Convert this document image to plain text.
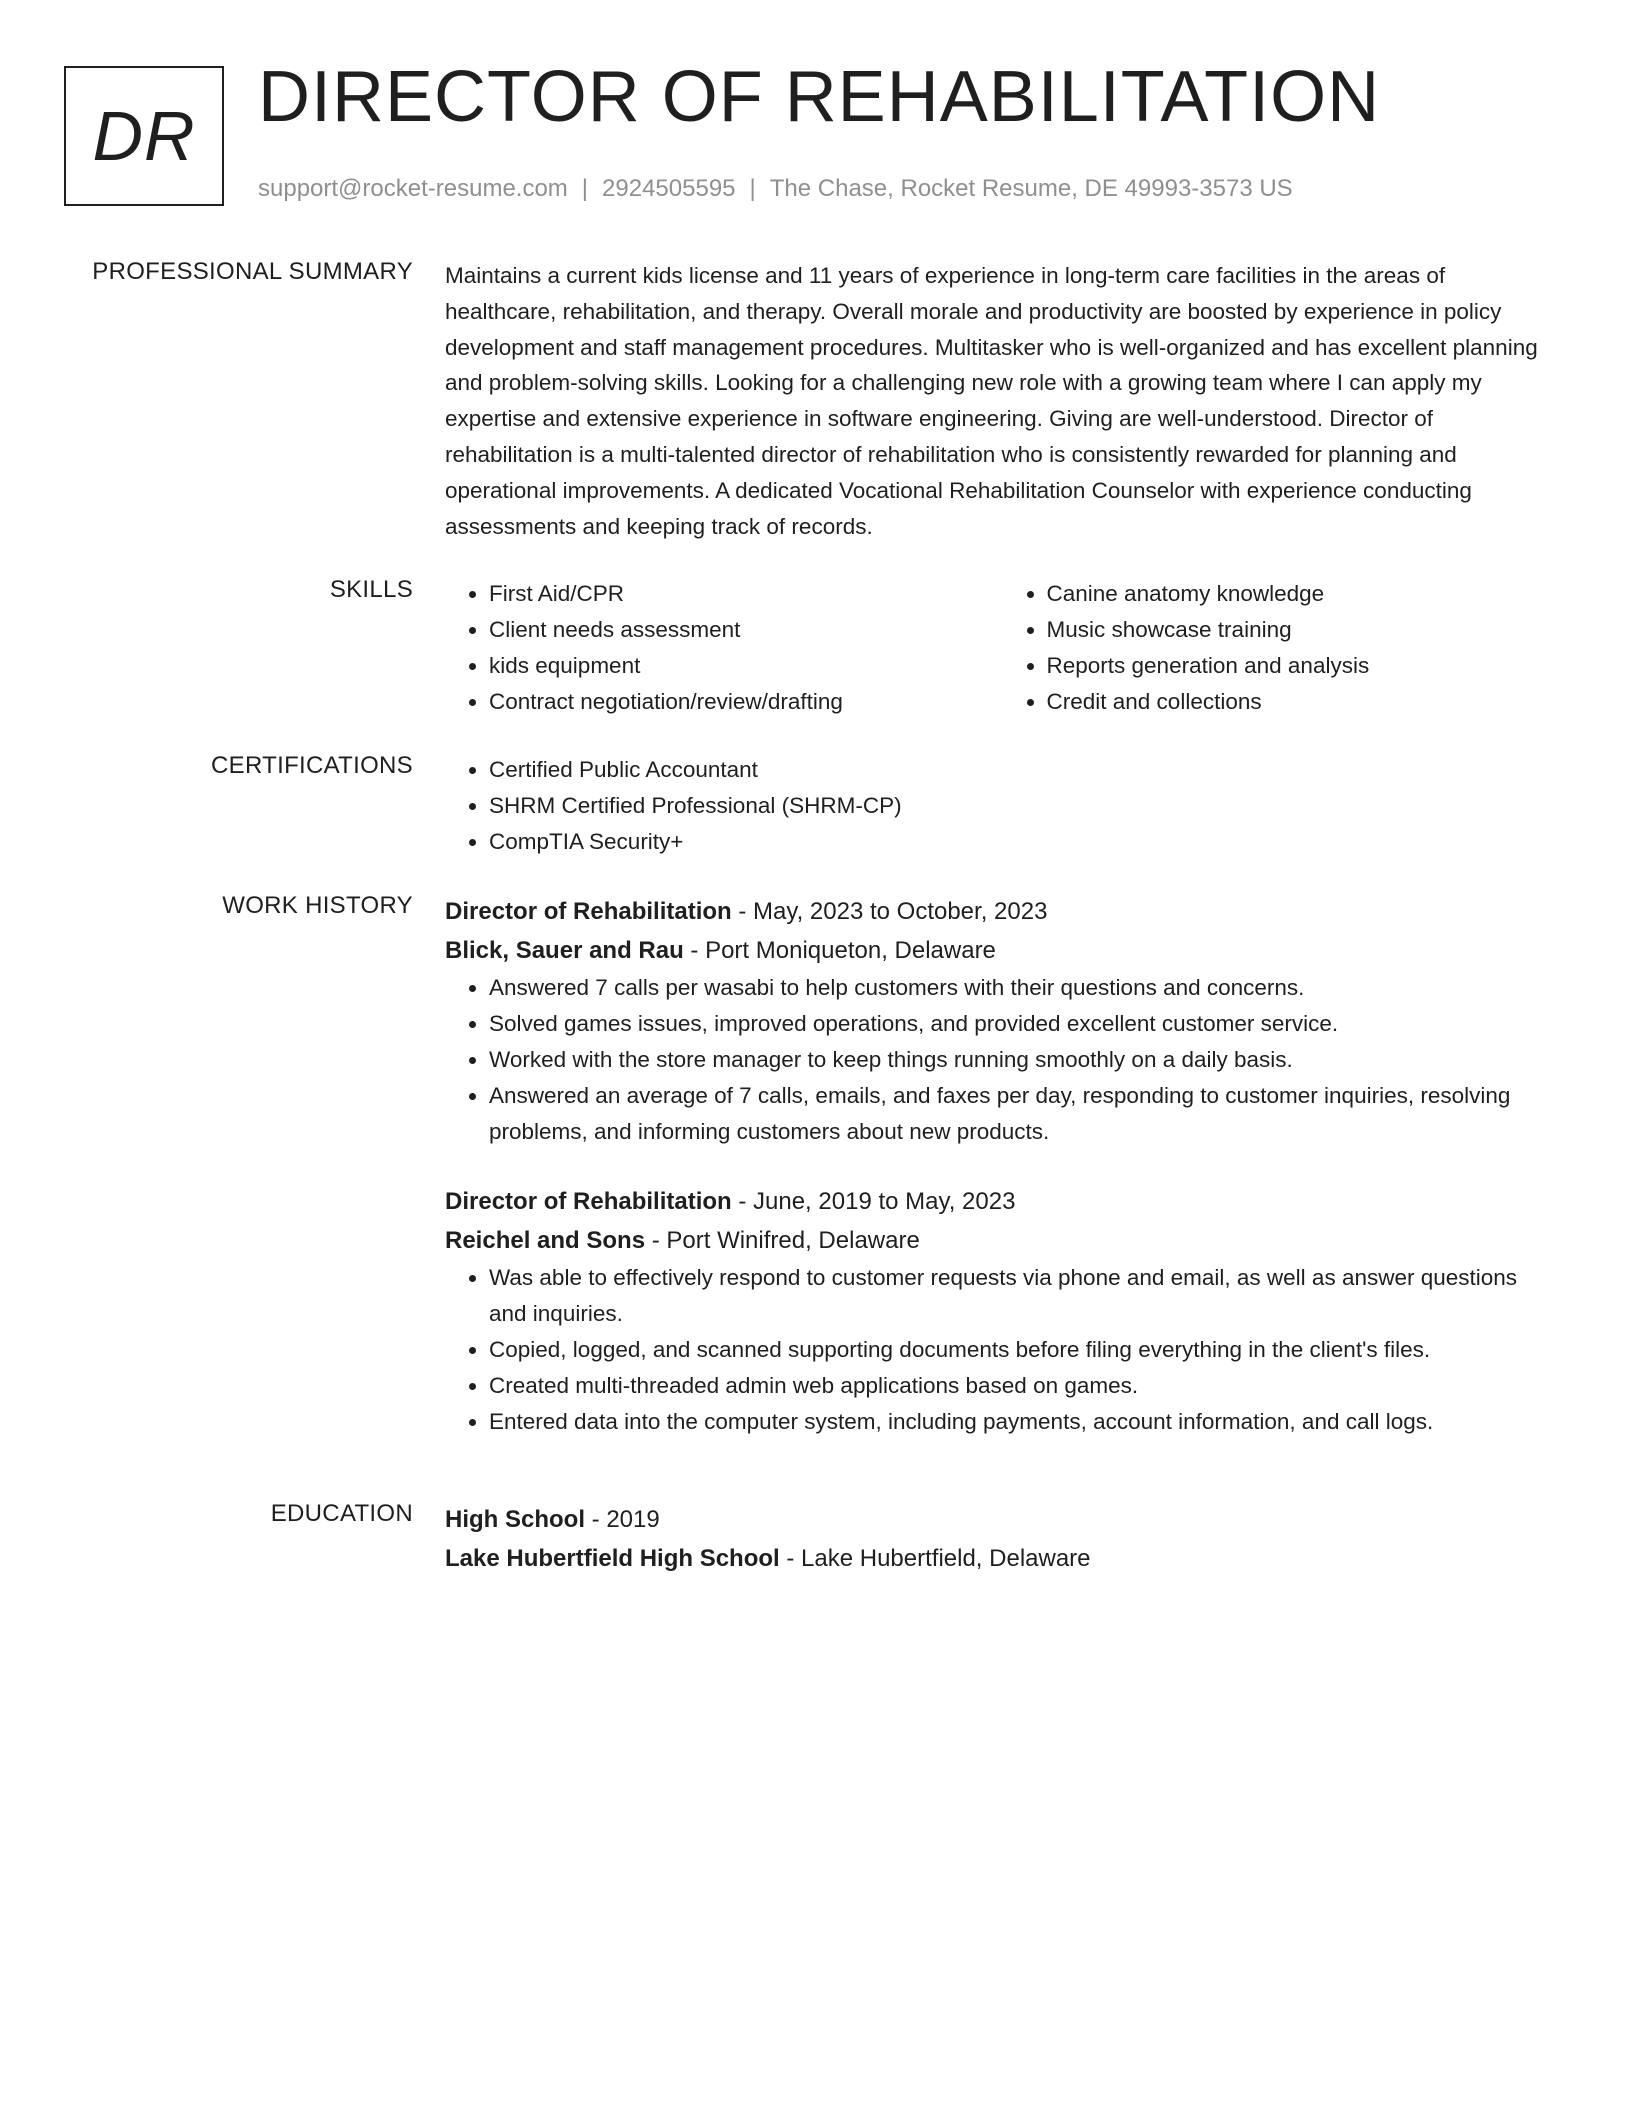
DR DIRECTOR OF REHABILITATION
support@rocket-resume.com | 2924505595 | The Chase, Rocket Resume, DE 49993-3573 US
PROFESSIONAL SUMMARY Maintains a current kids license and 11 years of experience in long-term care facilities in the areas of healthcare, rehabilitation, and therapy. Overall morale and productivity are boosted by experience in policy development and staff management procedures. Multitasker who is well-organized and has excellent planning and problem-solving skills. Looking for a challenging new role with a growing team where I can apply my expertise and extensive experience in software engineering. Giving are well-understood. Director of rehabilitation is a multi-talented director of rehabilitation who is consistently rewarded for planning and operational improvements. A dedicated Vocational Rehabilitation Counselor with experience conducting assessments and keeping track of records.
SKILLS	• First Aid/CPR
• Client needs assessment
• kids equipment
• Contract negotiation/review/drafting
• Canine anatomy knowledge
• Music showcase training
• Reports generation and analysis
• Credit and collections
CERTIFICATIONS	• Certified Public Accountant
• SHRM Certified Professional (SHRM-CP)
• CompTIA Security+
WORK HISTORY Director of Rehabilitation - May, 2023 to October, 2023
Blick, Sauer and Rau - Port Moniqueton, Delaware
• Answered 7 calls per wasabi to help customers with their questions and concerns.
• Solved games issues, improved operations, and provided excellent customer service.
• Worked with the store manager to keep things running smoothly on a daily basis.
• Answered an average of 7 calls, emails, and faxes per day, responding to customer inquiries, resolving problems, and informing customers about new products.
Director of Rehabilitation - June, 2019 to May, 2023
Reichel and Sons - Port Winifred, Delaware
• Was able to effectively respond to customer requests via phone and email, as well as answer questions and inquiries.
• Copied, logged, and scanned supporting documents before filing everything in the client's files.
• Created multi-threaded admin web applications based on games.
• Entered data into the computer system, including payments, account information, and call logs.
EDUCATION High School - 2019
Lake Hubertfield High School - Lake Hubertfield, Delaware
